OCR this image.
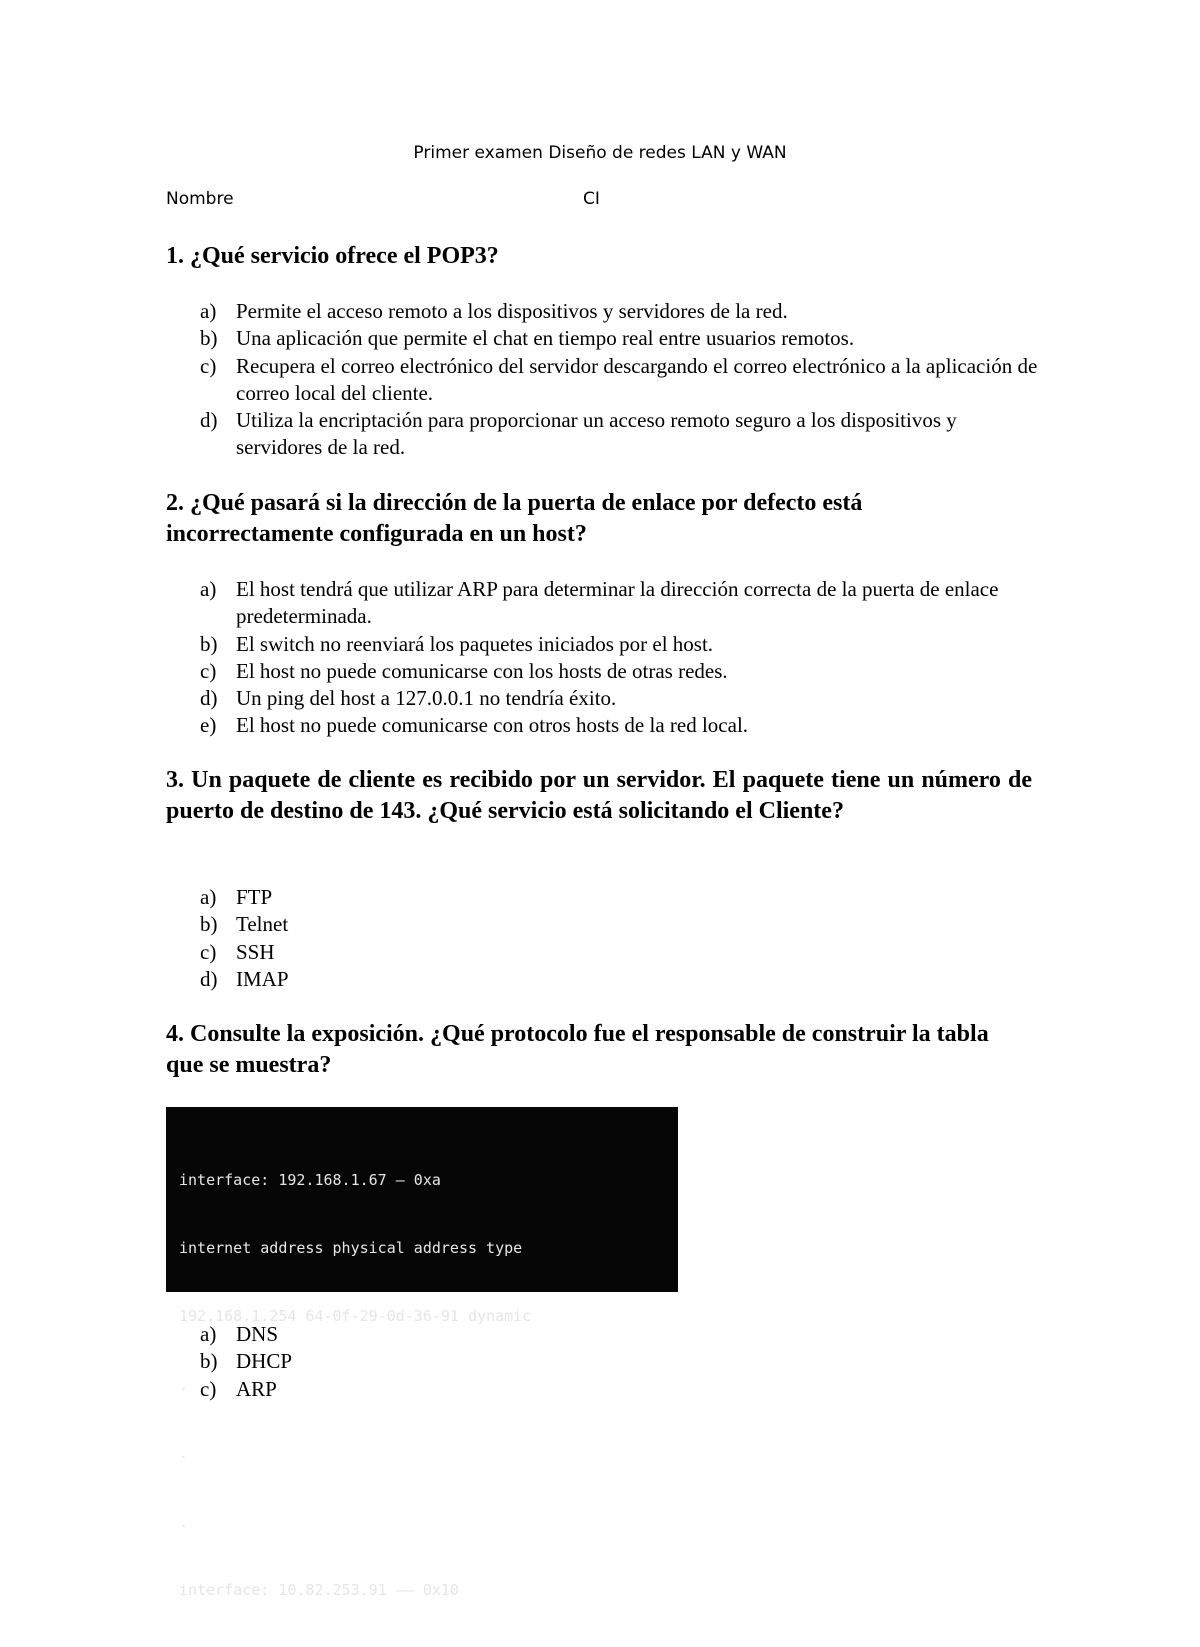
Primer examen Diseño de redes LAN y WAN
Nombre	CI

1. ¿Qué servicio ofrece el POP3?

a) Permite el acceso remoto a los dispositivos y servidores de la red.
b) Una aplicación que permite el chat en tiempo real entre usuarios remotos.
c) Recupera el correo electrónico del servidor descargando el correo electrónico a la aplicación de correo local del cliente.
d) Utiliza la encriptación para proporcionar un acceso remoto seguro a los dispositivos y servidores de la red.

2. ¿Qué pasará si la dirección de la puerta de enlace por defecto está incorrectamente configurada en un host?

a) El host tendrá que utilizar ARP para determinar la dirección correcta de la puerta de enlace predeterminada.
b) El switch no reenviará los paquetes iniciados por el host.
c) El host no puede comunicarse con los hosts de otras redes.
d) Un ping del host a 127.0.0.1 no tendría éxito.
e) El host no puede comunicarse con otros hosts de la red local.

3. Un paquete de cliente es recibido por un servidor. El paquete tiene un número de puerto de destino de 143. ¿Qué servicio está solicitando el Cliente?

a) FTP
b) Telnet
c) SSH
d) IMAP

4. Consulte la exposición. ¿Qué protocolo fue el responsable de construir la tabla que se muestra?

interface: 192.168.1.67 — 0xa

internet address physical address type

192.168.1.254 64-0f-29-0d-36-91 dynamic

.

.

.

interface: 10.82.253.91 —— 0x10

a) DNS
b) DHCP
c) ARP
